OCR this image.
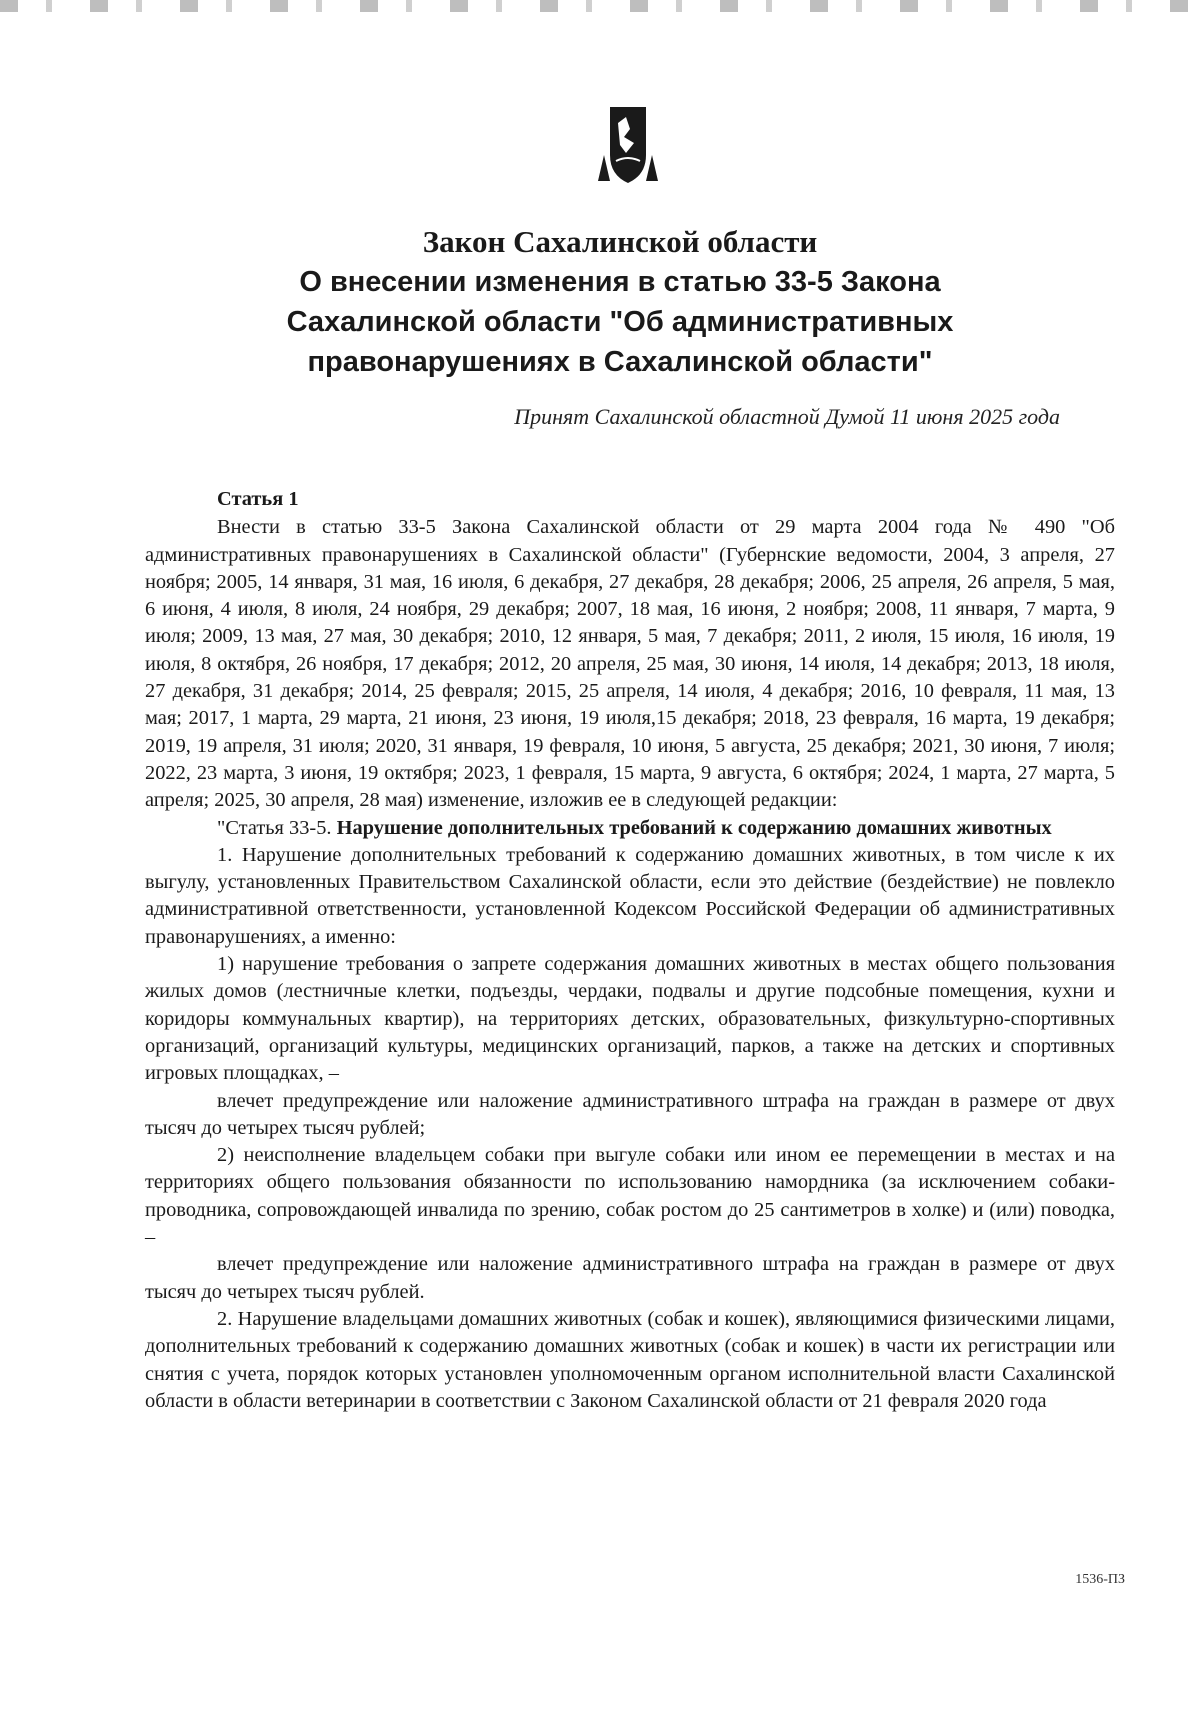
Закон Сахалинской области

О внесении изменения в статью 33-5 Закона

Сахалинской области "Об административных

правонарушениях в Сахалинской области"

Принят Сахалинской областной Думой 11 июня 2025 года
Статья 1

Внести в статью 33-5 Закона Сахалинской области от 29 марта 2004 года № 490 "Об административных правонарушениях в Сахалинской области" (Губернские ведомости, 2004, 3 апреля, 27 ноября; 2005, 14 января, 31 мая, 16 июля, 6 декабря, 27 декабря, 28 декабря; 2006, 25 апреля, 26 апреля, 5 мая, 6 июня, 4 июля, 8 июля, 24 ноября, 29 декабря; 2007, 18 мая, 16 июня, 2 ноября; 2008, 11 января, 7 марта, 9 июля; 2009, 13 мая, 27 мая, 30 декабря; 2010, 12 января, 5 мая, 7 декабря; 2011, 2 июля, 15 июля, 16 июля, 19 июля, 8 октября, 26 ноября, 17 декабря; 2012, 20 апреля, 25 мая, 30 июня, 14 июля, 14 декабря; 2013, 18 июля, 27 декабря, 31 декабря; 2014, 25 февраля; 2015, 25 апреля, 14 июля, 4 декабря; 2016, 10 февраля, 11 мая, 13 мая; 2017, 1 марта, 29 марта, 21 июня, 23 июня, 19 июля,15 декабря; 2018, 23 февраля, 16 марта, 19 декабря; 2019, 19 апреля, 31 июля; 2020, 31 января, 19 февраля, 10 июня, 5 августа, 25 декабря; 2021, 30 июня, 7 июля; 2022, 23 марта, 3 июня, 19 октября; 2023, 1 февраля, 15 марта, 9 августа, 6 октября; 2024, 1 марта, 27 марта, 5 апреля; 2025, 30 апреля, 28 мая) изменение, изложив ее в следующей редакции:

"Статья 33-5. Нарушение дополнительных требований к содержанию домашних животных

1. Нарушение дополнительных требований к содержанию домашних животных, в том числе к их выгулу, установленных Правительством Сахалинской области, если это действие (бездействие) не повлекло административной ответственности, установленной Кодексом Российской Федерации об административных правонарушениях, а именно:

1) нарушение требования о запрете содержания домашних животных в местах общего пользования жилых домов (лестничные клетки, подъезды, чердаки, подвалы и другие подсобные помещения, кухни и коридоры коммунальных квартир), на территориях детских, образовательных, физкультурно-спортивных организаций, организаций культуры, медицинских организаций, парков, а также на детских и спортивных игровых площадках, –

влечет предупреждение или наложение административного штрафа на граждан в размере от двух тысяч до четырех тысяч рублей;

2) неисполнение владельцем собаки при выгуле собаки или ином ее перемещении в местах и на территориях общего пользования обязанности по использованию намордника (за исключением собаки-проводника, сопровождающей инвалида по зрению, собак ростом до 25 сантиметров в холке) и (или) поводка, –

влечет предупреждение или наложение административного штрафа на граждан в размере от двух тысяч до четырех тысяч рублей.

2. Нарушение владельцами домашних животных (собак и кошек), являющимися физическими лицами, дополнительных требований к содержанию домашних животных (собак и кошек) в части их регистрации или снятия с учета, порядок которых установлен уполномоченным органом исполнительной власти Сахалинской области в области ветеринарии в соответствии с Законом Сахалинской области от 21 февраля 2020 года

1536-ПЗ
